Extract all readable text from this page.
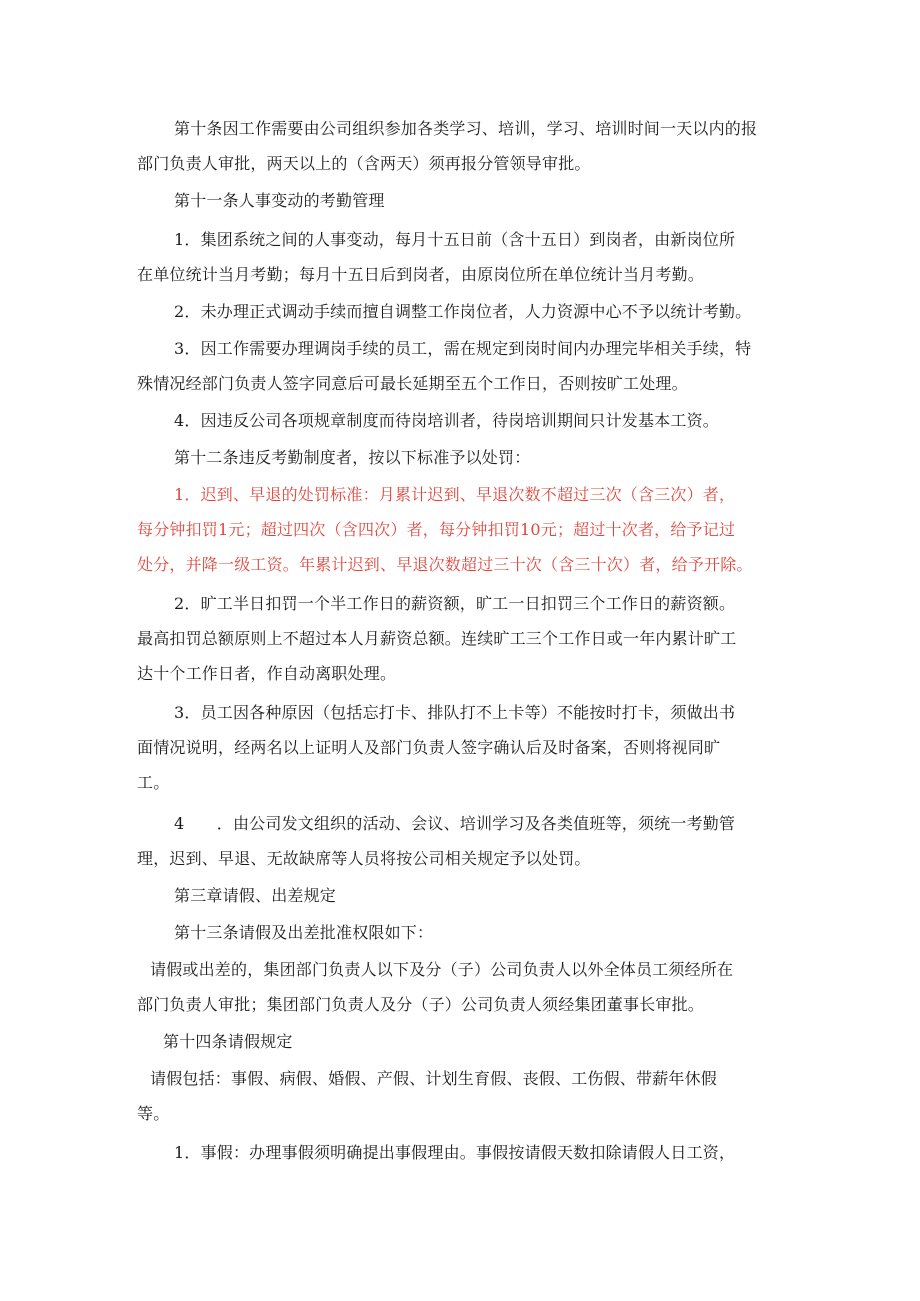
第十条因工作需要由公司组织参加各类学习、培训，学习、培训时间一天以内的报
部门负责人审批，两天以上的（含两天）须再报分管领导审批。
第十一条人事变动的考勤管理
1．集团系统之间的人事变动，每月十五日前（含十五日）到岗者，由新岗位所
在单位统计当月考勤；每月十五日后到岗者，由原岗位所在单位统计当月考勤。
2．未办理正式调动手续而擅自调整工作岗位者，人力资源中心不予以统计考勤。
3．因工作需要办理调岗手续的员工，需在规定到岗时间内办理完毕相关手续，特
殊情况经部门负责人签字同意后可最长延期至五个工作日，否则按旷工处理。
4．因违反公司各项规章制度而待岗培训者，待岗培训期间只计发基本工资。
第十二条违反考勤制度者，按以下标准予以处罚：
1．迟到、早退的处罚标准：月累计迟到、早退次数不超过三次（含三次）者，
每分钟扣罚1元；超过四次（含四次）者，每分钟扣罚10元；超过十次者，给予记过
处分，并降一级工资。年累计迟到、早退次数超过三十次（含三十次）者，给予开除。
2．旷工半日扣罚一个半工作日的薪资额，旷工一日扣罚三个工作日的薪资额。
最高扣罚总额原则上不超过本人月薪资总额。连续旷工三个工作日或一年内累计旷工
达十个工作日者，作自动离职处理。
3．员工因各种原因（包括忘打卡、排队打不上卡等）不能按时打卡，须做出书
面情况说明，经两名以上证明人及部门负责人签字确认后及时备案，否则将视同旷
工。
4　　．由公司发文组织的活动、会议、培训学习及各类值班等，须统一考勤管
理，迟到、早退、无故缺席等人员将按公司相关规定予以处罚。
第三章请假、出差规定
第十三条请假及出差批准权限如下：
请假或出差的，集团部门负责人以下及分（子）公司负责人以外全体员工须经所在
部门负责人审批；集团部门负责人及分（子）公司负责人须经集团董事长审批。
第十四条请假规定
请假包括：事假、病假、婚假、产假、计划生育假、丧假、工伤假、带薪年休假
等。
1．事假：办理事假须明确提出事假理由。事假按请假天数扣除请假人日工资，
